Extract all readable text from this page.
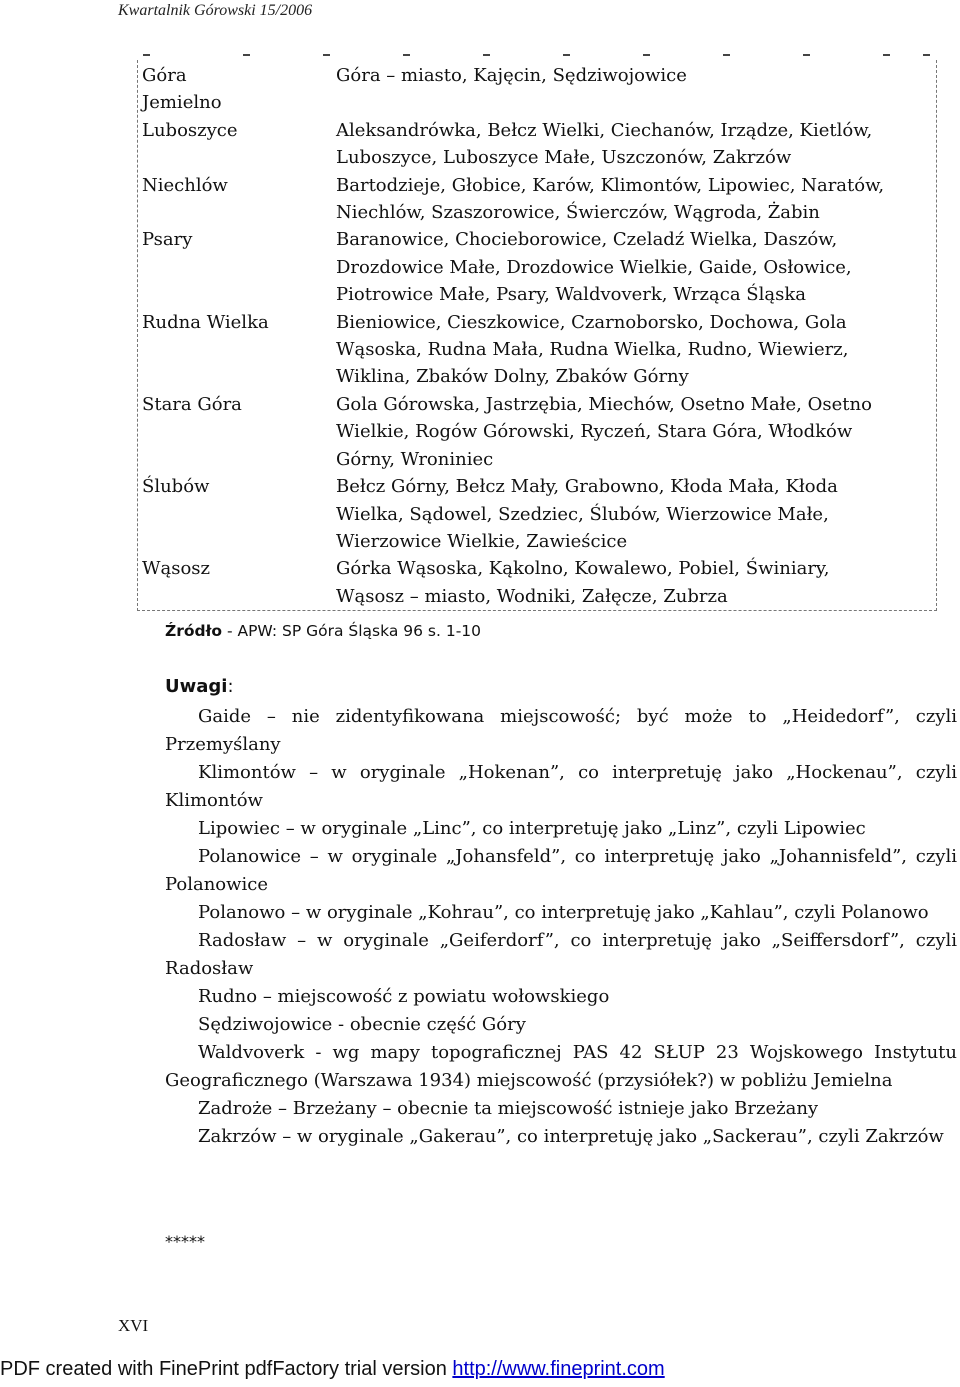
Kwartalnik Górowski 15/2006
Góra	Góra – miasto, Kajęcin, Sędziwojowice
Jemielno
Luboszyce	Aleksandrówka, Bełcz Wielki, Ciechanów, Irządze, Kietlów,
Luboszyce, Luboszyce Małe, Uszczonów, Zakrzów
Niechlów	Bartodzieje, Głobice, Karów, Klimontów, Lipowiec, Naratów,
Niechlów, Szaszorowice, Świerczów, Wągroda, Żabin
Psary	Baranowice, Chocieborowice, Czeladź Wielka, Daszów,
Drozdowice Małe, Drozdowice Wielkie, Gaide, Osłowice,
Piotrowice Małe, Psary, Waldvoverk, Wrząca Śląska
Rudna Wielka	Bieniowice, Cieszkowice, Czarnoborsko, Dochowa, Gola
Wąsoska, Rudna Mała, Rudna Wielka, Rudno, Wiewierz,
Wiklina, Zbaków Dolny, Zbaków Górny
Stara Góra	Gola Górowska, Jastrzębia, Miechów, Osetno Małe, Osetno
Wielkie, Rogów Górowski, Ryczeń, Stara Góra, Włodków
Górny, Wroniniec
Ślubów	Bełcz Górny, Bełcz Mały, Grabowno, Kłoda Mała, Kłoda
Wielka, Sądowel, Szedziec, Ślubów, Wierzowice Małe,
Wierzowice Wielkie, Zawieścice
Wąsosz	Górka Wąsoska, Kąkolno, Kowalewo, Pobiel, Świniary,
Wąsosz – miasto, Wodniki, Załęcze, Zubrza
Źródło - APW: SP Góra Śląska 96 s. 1-10
Uwagi:
Gaide – nie zidentyfikowana miejscowość; być może to „Heidedorf”, czyli Przemyślany
Klimontów – w oryginale „Hokenan”, co interpretuję jako „Hockenau”, czyli Klimontów
Lipowiec – w oryginale „Linc”, co interpretuję jako „Linz”, czyli Lipowiec
Polanowice – w oryginale „Johansfeld”, co interpretuję jako „Johannisfeld”, czyli Polanowice
Polanowo – w oryginale „Kohrau”, co interpretuję jako „Kahlau”, czyli Polanowo
Radosław – w oryginale „Geiferdorf”, co interpretuję jako „Seiffersdorf”, czyli Radosław
Rudno – miejscowość z powiatu wołowskiego
Sędziwojowice - obecnie część Góry
Waldvoverk - wg mapy topograficznej PAS 42 SŁUP 23 Wojskowego Instytutu Geograficznego (Warszawa 1934) miejscowość (przysiółek?) w pobliżu Jemielna
Zadroże – Brzeżany – obecnie ta miejscowość istnieje jako Brzeżany
Zakrzów – w oryginale „Gakerau”, co interpretuję jako „Sackerau”, czyli Zakrzów
*****
XVI
PDF created with FinePrint pdfFactory trial version http://www.fineprint.com
